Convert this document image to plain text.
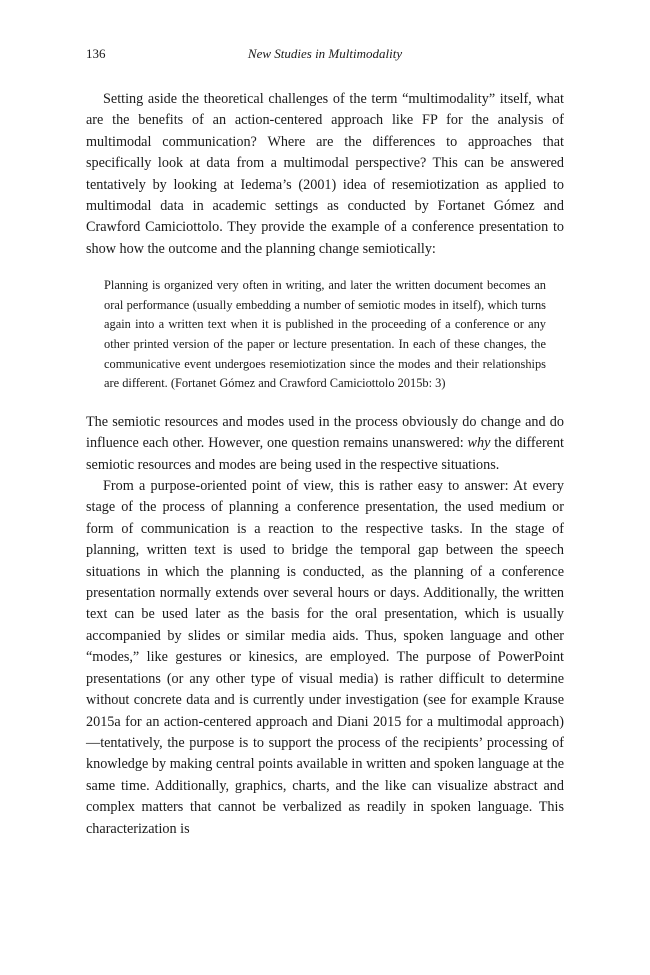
136	New Studies in Multimodality

Setting aside the theoretical challenges of the term “multimodality” itself, what are the benefits of an action-centered approach like FP for the analysis of multimodal communication? Where are the differences to approaches that specifically look at data from a multimodal perspective? This can be answered tentatively by looking at Iedema’s (2001) idea of resemiotization as applied to multimodal data in academic settings as conducted by Fortanet Gómez and Crawford Camiciottolo. They provide the example of a conference presentation to show how the outcome and the planning change semiotically:

Planning is organized very often in writing, and later the written document becomes an oral performance (usually embedding a number of semiotic modes in itself), which turns again into a written text when it is published in the proceeding of a conference or any other printed version of the paper or lecture presentation. In each of these changes, the communicative event undergoes resemiotization since the modes and their relationships are different. (Fortanet Gómez and Crawford Camiciottolo 2015b: 3)

The semiotic resources and modes used in the process obviously do change and do influence each other. However, one question remains unanswered: why the different semiotic resources and modes are being used in the respective situations.

From a purpose-oriented point of view, this is rather easy to answer: At every stage of the process of planning a conference presentation, the used medium or form of communication is a reaction to the respective tasks. In the stage of planning, written text is used to bridge the temporal gap between the speech situations in which the planning is conducted, as the planning of a conference presentation normally extends over several hours or days. Additionally, the written text can be used later as the basis for the oral presentation, which is usually accompanied by slides or similar media aids. Thus, spoken language and other “modes,” like gestures or kinesics, are employed. The purpose of PowerPoint presentations (or any other type of visual media) is rather difficult to determine without concrete data and is currently under investigation (see for example Krause 2015a for an action-centered approach and Diani 2015 for a multimodal approach)—tentatively, the purpose is to support the process of the recipients’ processing of knowledge by making central points available in written and spoken language at the same time. Additionally, graphics, charts, and the like can visualize abstract and complex matters that cannot be verbalized as readily in spoken language. This characterization is
